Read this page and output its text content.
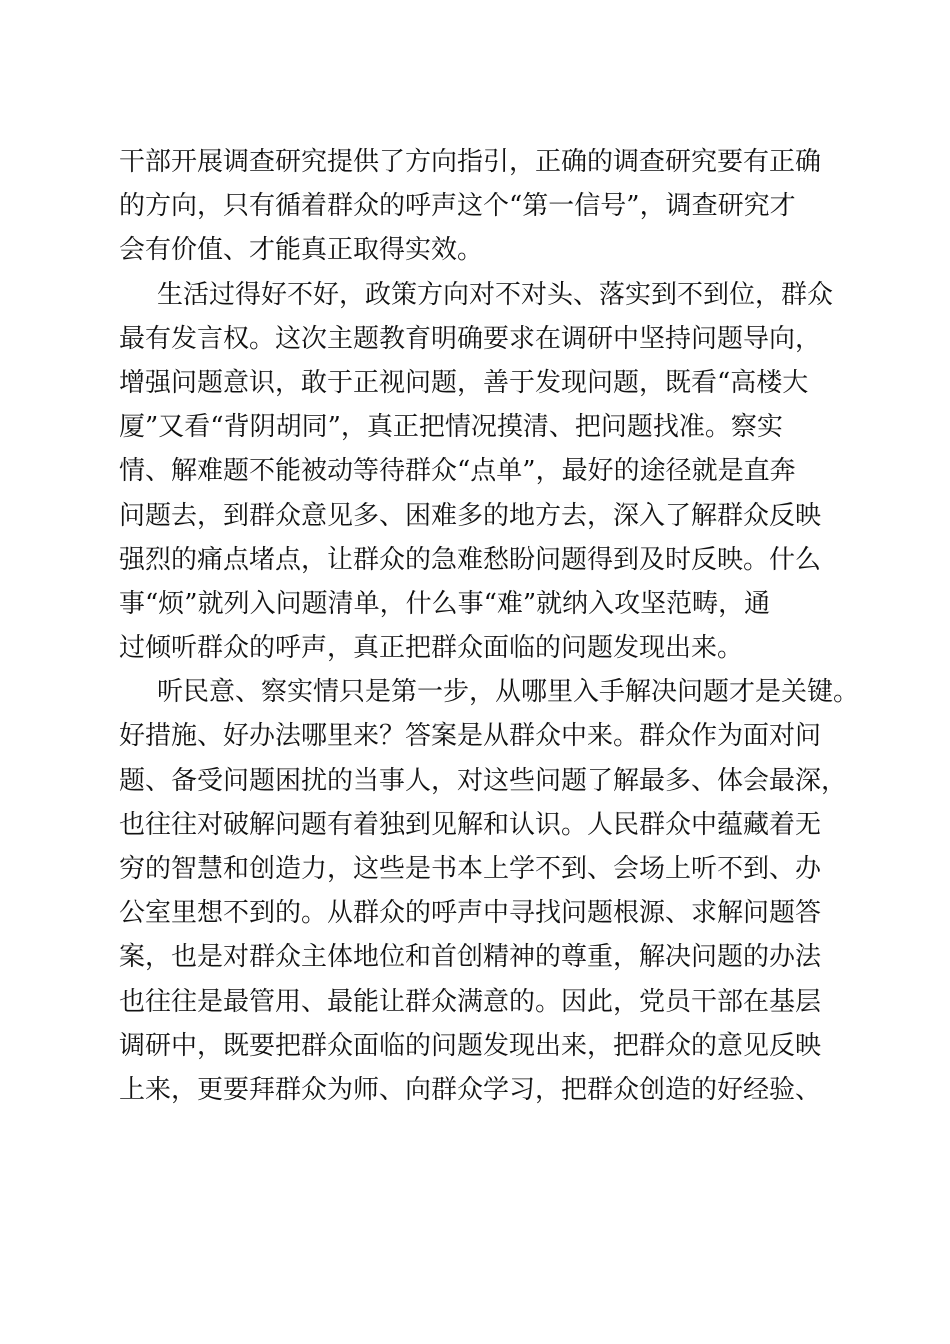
干部开展调查研究提供了方向指引，正确的调查研究要有正确
的方向，只有循着群众的呼声这个“第一信号”，调查研究才
会有价值、才能真正取得实效。
生活过得好不好，政策方向对不对头、落实到不到位，群众
最有发言权。这次主题教育明确要求在调研中坚持问题导向，
增强问题意识，敢于正视问题，善于发现问题，既看“高楼大
厦”又看“背阴胡同”，真正把情况摸清、把问题找准。察实
情、解难题不能被动等待群众“点单”，最好的途径就是直奔
问题去，到群众意见多、困难多的地方去，深入了解群众反映
强烈的痛点堵点，让群众的急难愁盼问题得到及时反映。什么
事“烦”就列入问题清单，什么事“难”就纳入攻坚范畴，通
过倾听群众的呼声，真正把群众面临的问题发现出来。
听民意、察实情只是第一步，从哪里入手解决问题才是关键。
好措施、好办法哪里来？答案是从群众中来。群众作为面对问
题、备受问题困扰的当事人，对这些问题了解最多、体会最深，
也往往对破解问题有着独到见解和认识。人民群众中蕴藏着无
穷的智慧和创造力，这些是书本上学不到、会场上听不到、办
公室里想不到的。从群众的呼声中寻找问题根源、求解问题答
案，也是对群众主体地位和首创精神的尊重，解决问题的办法
也往往是最管用、最能让群众满意的。因此，党员干部在基层
调研中，既要把群众面临的问题发现出来，把群众的意见反映
上来，更要拜群众为师、向群众学习，把群众创造的好经验、
